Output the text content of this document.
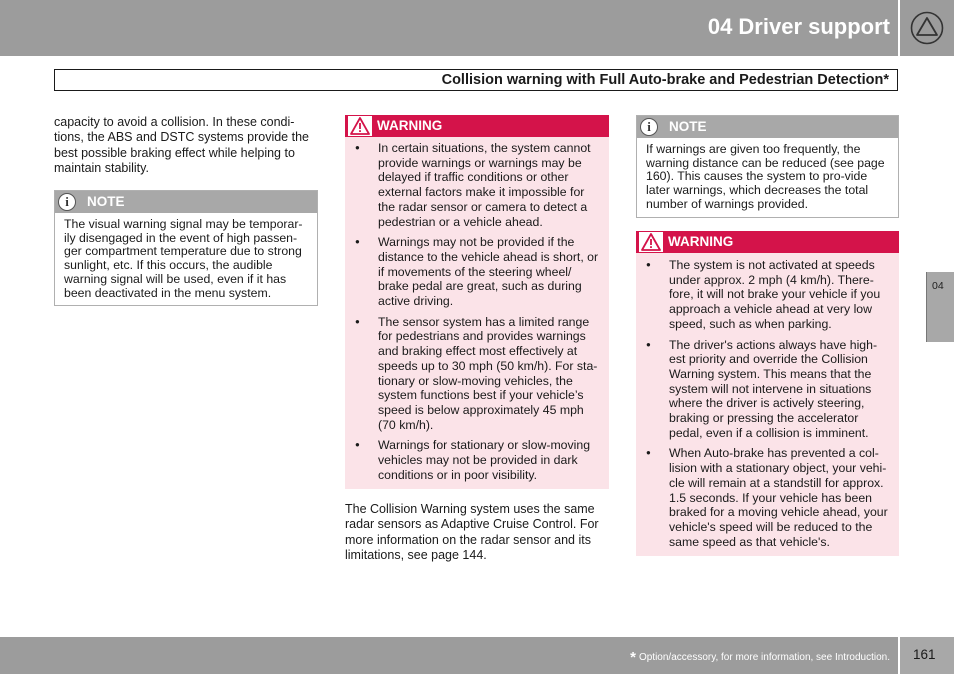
04 Driver support
Collision warning with Full Auto-brake and Pedestrian Detection*
capacity to avoid a collision. In these condi-tions, the ABS and DSTC systems provide the best possible braking effect while helping to maintain stability.
i	NOTE
The visual warning signal may be temporar-ily disengaged in the event of high passen-ger compartment temperature due to strong sunlight, etc. If this occurs, the audible warning signal will be used, even if it has been deactivated in the menu system.
WARNING
● In certain situations, the system cannot provide warnings or warnings may be delayed if traffic conditions or other external factors make it impossible for the radar sensor or camera to detect a pedestrian or a vehicle ahead.
● Warnings may not be provided if the distance to the vehicle ahead is short, or if movements of the steering wheel/ brake pedal are great, such as during active driving.
● The sensor system has a limited range for pedestrians and provides warnings and braking effect most effectively at speeds up to 30 mph (50 km/h). For sta-tionary or slow-moving vehicles, the system functions best if your vehicle’s speed is below approximately 45 mph (70 km/h).
● Warnings for stationary or slow-moving vehicles may not be provided in dark conditions or in poor visibility.
The Collision Warning system uses the same radar sensors as Adaptive Cruise Control. For more information on the radar sensor and its limitations, see page 144.
i	NOTE
If warnings are given too frequently, the warning distance can be reduced (see page 160). This causes the system to pro-vide later warnings, which decreases the total number of warnings provided.
WARNING
● The system is not activated at speeds under approx. 2 mph (4 km/h). There-fore, it will not brake your vehicle if you approach a vehicle ahead at very low speed, such as when parking.
● The driver's actions always have high-est priority and override the Collision Warning system. This means that the system will not intervene in situations where the driver is actively steering, braking or pressing the accelerator pedal, even if a collision is imminent.
● When Auto-brake has prevented a col-lision with a stationary object, your vehi-cle will remain at a standstill for approx. 1.5 seconds. If your vehicle has been braked for a moving vehicle ahead, your vehicle's speed will be reduced to the same speed as that vehicle's.
04
* Option/accessory, for more information, see Introduction. 161
